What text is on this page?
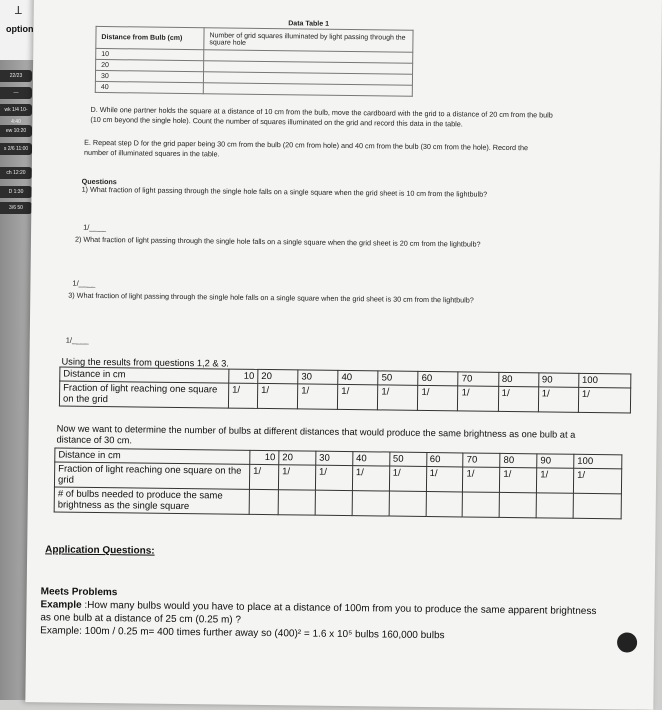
ꓕ
option
22/23
—
wk 1/4 10-4:40
ew 10:20
s 2/6 11:00
ch 12:20
D 1:30
3/6 50
	Data Table 1
Distance from Bulb (cm)	Number of grid squares illuminated by light passing through the square hole
10	
20	
30	
40	
D. While one partner holds the square at a distance of 10 cm from the bulb, move the cardboard with the grid to a distance of 20 cm from the bulb (10 cm beyond the single hole). Count the number of squares illuminated on the grid and record this data in the table.
E. Repeat step D for the grid paper being 30 cm from the bulb (20 cm from hole) and 40 cm from the bulb (30 cm from the hole). Record the number of illuminated squares in the table.
Questions
1) What fraction of light passing through the single hole falls on a single square when the grid sheet is 10 cm from the lightbulb?
1/____
2) What fraction of light passing through the single hole falls on a single square when the grid sheet is 20 cm from the lightbulb?
1/____
3) What fraction of light passing through the single hole falls on a single square when the grid sheet is 30 cm from the lightbulb?
1/____
Using the results from questions 1,2 & 3.
Distance in cm	10	20	30	40	50	60	70	80	90	100
Fraction of light reaching one square on the grid	1/	1/	1/	1/	1/	1/	1/	1/	1/	1/
Now we want to determine the number of bulbs at different distances that would produce the same brightness as one bulb at a distance of 30 cm.
Distance in cm	10	20	30	40	50	60	70	80	90	100
Fraction of light reaching one square on the grid	1/	1/	1/	1/	1/	1/	1/	1/	1/	1/
# of bulbs needed to produce the same brightness as the single square										
Application Questions:
Meets Problems
Example :How many bulbs would you have to place at a distance of 100m from you to produce the same apparent brightness as one bulb at a distance of 25 cm (0.25 m) ?
Example: 100m / 0.25 m= 400 times further away so (400)² = 1.6 x 10⁵ bulbs 160,000 bulbs
